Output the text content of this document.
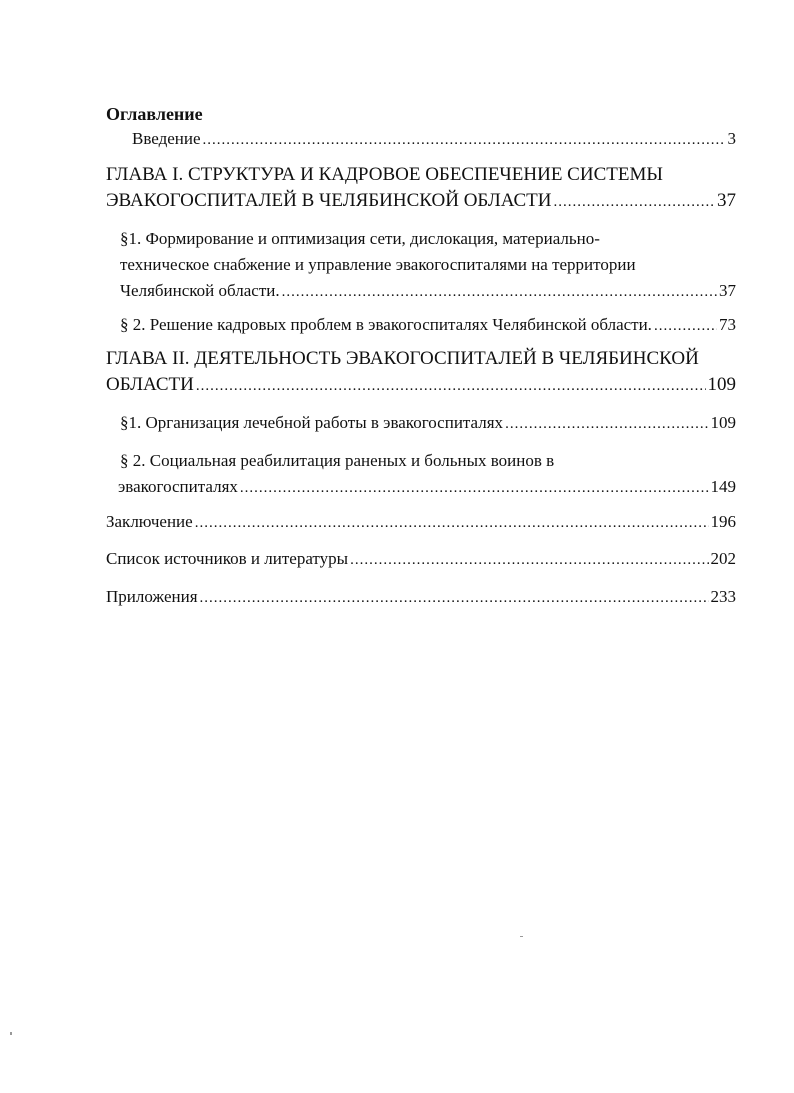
Оглавление
Введение .....	3
ГЛАВА I. СТРУКТУРА И КАДРОВОЕ ОБЕСПЕЧЕНИЕ СИСТЕМЫ
ЭВАКОГОСПИТАЛЕЙ В ЧЕЛЯБИНСКОЙ ОБЛАСТИ .....	37
§1. Формирование и оптимизация сети, дислокация, материально-
техническое снабжение и управление эвакогоспиталями на территории
Челябинской области. .....	37
§ 2. Решение кадровых проблем в эвакогоспиталях Челябинской области. .....	73
ГЛАВА II. ДЕЯТЕЛЬНОСТЬ ЭВАКОГОСПИТАЛЕЙ В ЧЕЛЯБИНСКОЙ
ОБЛАСТИ .....	109
§1. Организация лечебной работы в эвакогоспиталях .....	109
§ 2. Социальная реабилитация раненых и больных воинов в
эвакогоспиталях .....	149
Заключение .....	196
Список источников и литературы .....	202
Приложения .....	233
